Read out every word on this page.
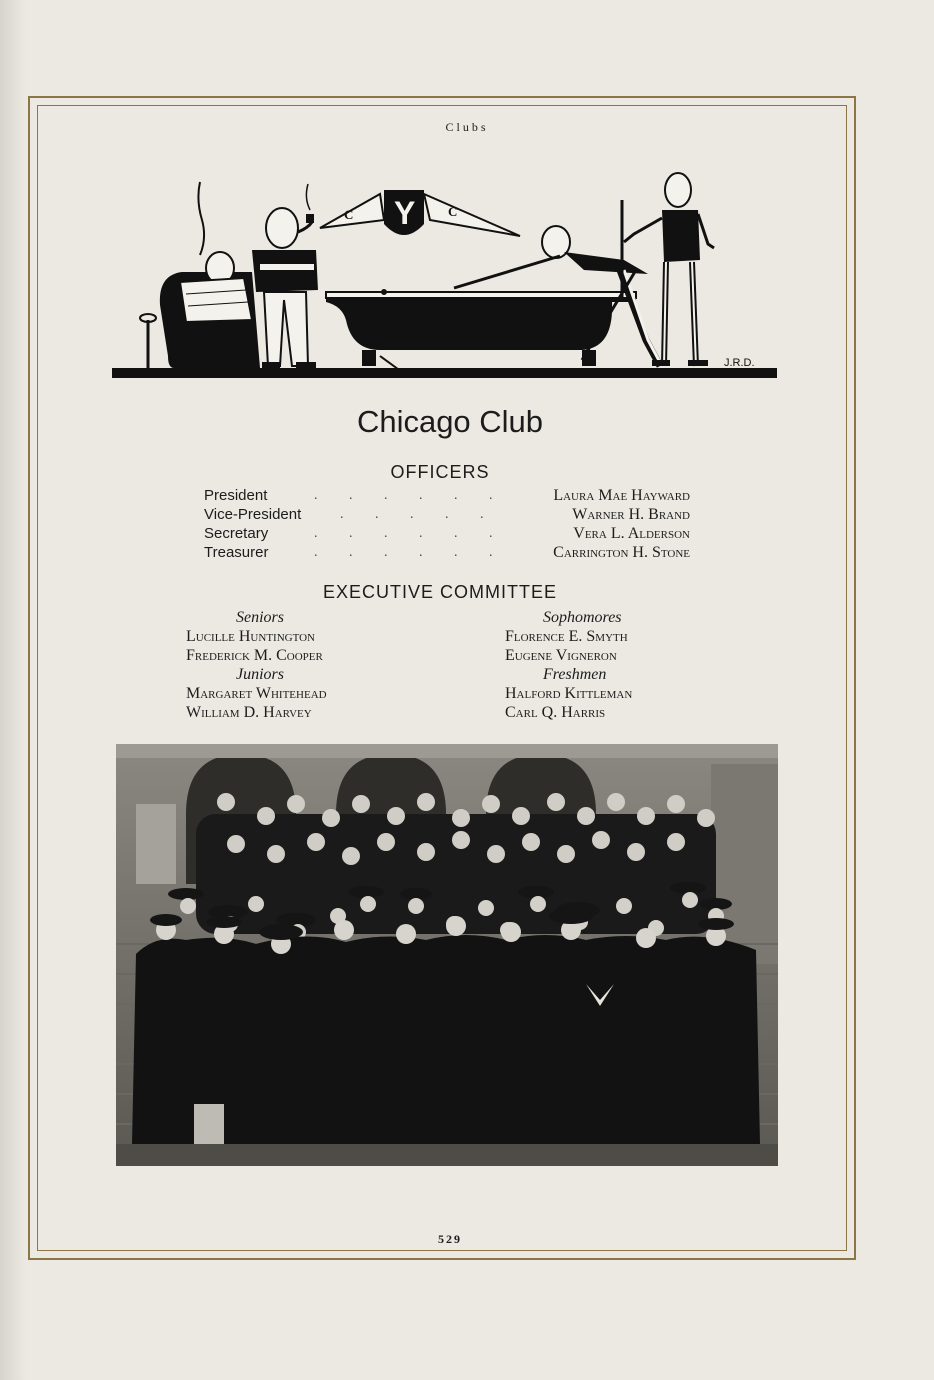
Clubs
C Y	C
J.R.D.
Chicago Club
OFFICERS
President	. . . . . .	Laura Mae Hayward
Vice-President	. . . . .	Warner H. Brand
Secretary	. . . . . .	Vera L. Alderson
Treasurer	. . . . . .	Carrington H. Stone
EXECUTIVE COMMITTEE
Seniors
Lucille Huntington
Frederick M. Cooper
Juniors
Margaret Whitehead
William D. Harvey
Sophomores
Florence E. Smyth
Eugene Vigneron
Freshmen
Halford Kittleman
Carl Q. Harris
529
